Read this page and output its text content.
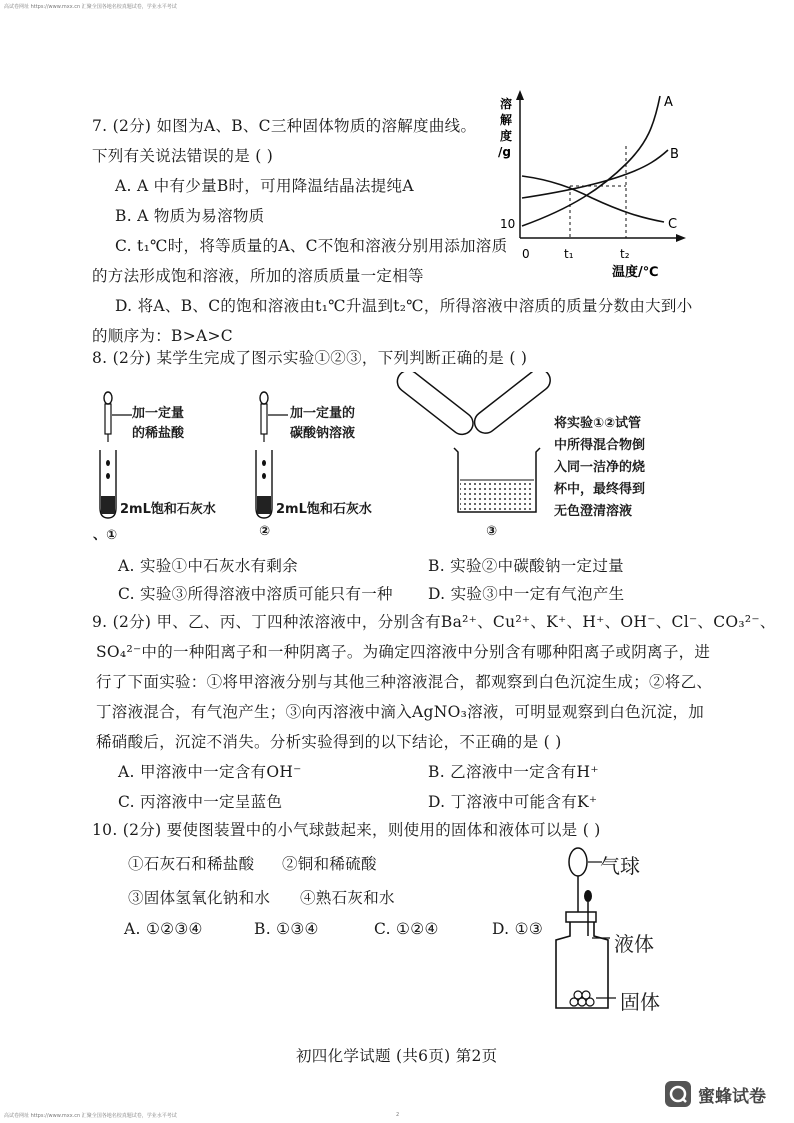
高试卷网址 https://www.mxx.cn 汇聚全国各地名校真题试卷，学业水平考试
7. (2分) 如图为A、B、C三种固体物质的溶解度曲线。
下列有关说法错误的是 ( )
A. A 中有少量B时，可用降温结晶法提纯A
B. A 物质为易溶物质
C. t₁℃时，将等质量的A、C不饱和溶液分别用添加溶质
的方法形成饱和溶液，所加的溶质质量一定相等
D. 将A、B、C的饱和溶液由t₁℃升温到t₂℃，所得溶液中溶质的质量分数由大到小
的顺序为：B>A>C
溶
解
度
/g
10
0	t₁	t₂
温度/℃
A
B
C
8. (2分) 某学生完成了图示实验①②③，下列判断正确的是 ( )
加一定量
的稀盐酸
2mL饱和石灰水
、①
加一定量的
碳酸钠溶液
2mL饱和石灰水
②
将实验①②试管
中所得混合物倒
入同一洁净的烧
杯中，最终得到
无色澄清溶液
③
A. 实验①中石灰水有剩余	B. 实验②中碳酸钠一定过量
C. 实验③所得溶液中溶质可能只有一种 D. 实验③中一定有气泡产生
9. (2分) 甲、乙、丙、丁四种浓溶液中，分别含有Ba²⁺、Cu²⁺、K⁺、H⁺、OH⁻、Cl⁻、CO₃²⁻、
SO₄²⁻中的一种阳离子和一种阴离子。为确定四溶液中分别含有哪种阳离子或阴离子，进
行了下面实验：①将甲溶液分别与其他三种溶液混合，都观察到白色沉淀生成；②将乙、
丁溶液混合，有气泡产生；③向丙溶液中滴入AgNO₃溶液，可明显观察到白色沉淀，加
稀硝酸后，沉淀不消失。分析实验得到的以下结论，不正确的是 ( )
A. 甲溶液中一定含有OH⁻	B. 乙溶液中一定含有H⁺
C. 丙溶液中一定呈蓝色	D. 丁溶液中可能含有K⁺
10. (2分) 要使图装置中的小气球鼓起来，则使用的固体和液体可以是 ( )
①石灰石和稀盐酸 ②铜和稀硫酸
③固体氢氧化钠和水 ④熟石灰和水
A. ①②③④	B. ①③④	C. ①②④	D. ①③
气球
液体
固体
初四化学试题 (共6页) 第2页
高试卷网址 https://www.mxx.cn 汇聚全国各地名校真题试卷，学业水平考试	2
蜜蜂试卷
